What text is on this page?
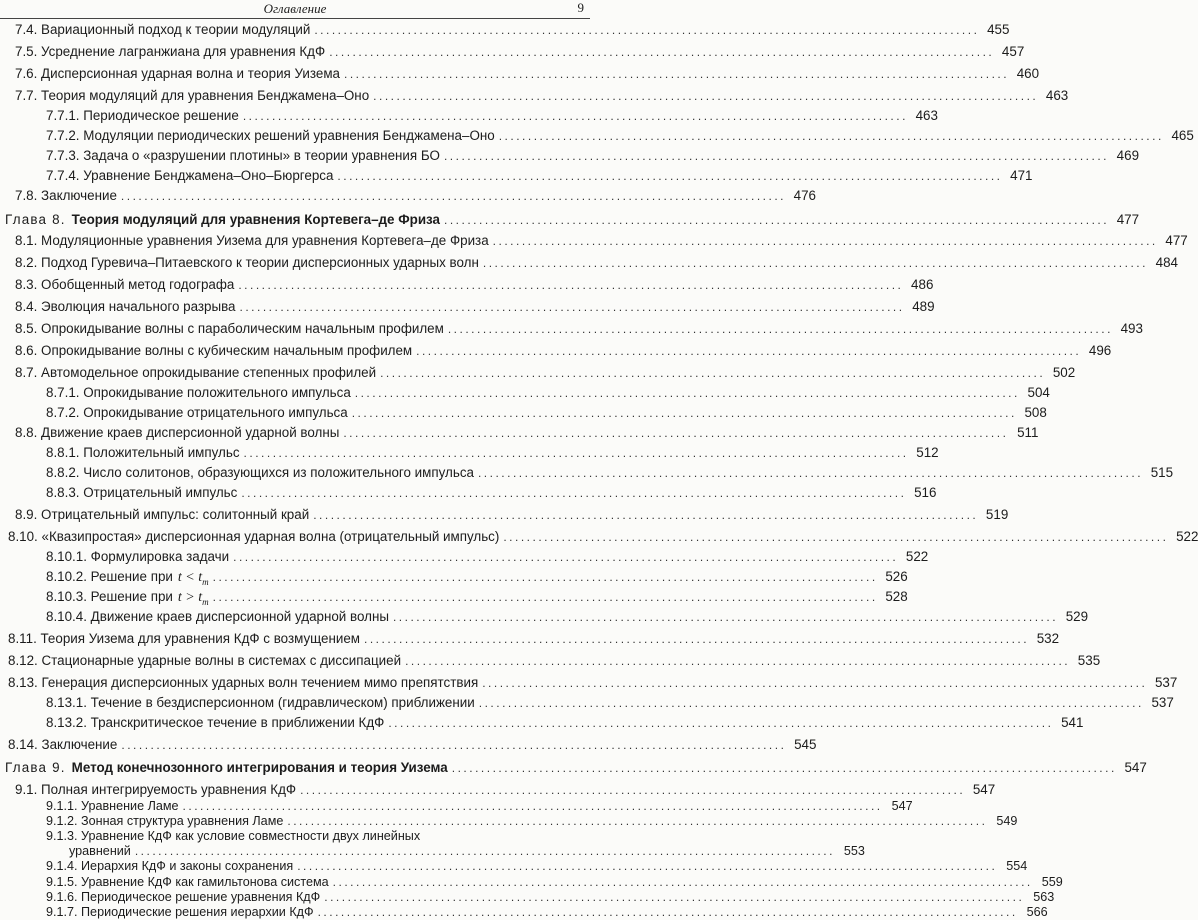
Оглавление	9
7.4. Вариационный подход к теории модуляций .................................................................................................................. 455
7.5. Усреднение лагранжиана для уравнения КдФ .................................................................................................................. 457
7.6. Дисперсионная ударная волна и теория Уизема .................................................................................................................. 460
7.7. Теория модуляций для уравнения Бенджамена–Оно .................................................................................................................. 463
7.7.1. Периодическое решение .................................................................................................................. 463
7.7.2. Модуляции периодических решений уравнения Бенджамена–Оно .................................................................................................................. 465
7.7.3. Задача о «разрушении плотины» в теории уравнения БО .................................................................................................................. 469
7.7.4. Уравнение Бенджамена–Оно–Бюргерса .................................................................................................................. 471
7.8. Заключение .................................................................................................................. 476
Глава 8. Теория модуляций для уравнения Кортевега–де Фриза .................................................................................................................. 477
8.1. Модуляционные уравнения Уизема для уравнения Кортевега–де Фриза .................................................................................................................. 477
8.2. Подход Гуревича–Питаевского к теории дисперсионных ударных волн .................................................................................................................. 484
8.3. Обобщенный метод годографа .................................................................................................................. 486
8.4. Эволюция начального разрыва .................................................................................................................. 489
8.5. Опрокидывание волны с параболическим начальным профилем .................................................................................................................. 493
8.6. Опрокидывание волны с кубическим начальным профилем .................................................................................................................. 496
8.7. Автомодельное опрокидывание степенных профилей .................................................................................................................. 502
8.7.1. Опрокидывание положительного импульса .................................................................................................................. 504
8.7.2. Опрокидывание отрицательного импульса .................................................................................................................. 508
8.8. Движение краев дисперсионной ударной волны .................................................................................................................. 511
8.8.1. Положительный импульс .................................................................................................................. 512
8.8.2. Число солитонов, образующихся из положительного импульса .................................................................................................................. 515
8.8.3. Отрицательный импульс .................................................................................................................. 516
8.9. Отрицательный импульс: солитонный край .................................................................................................................. 519
8.10. «Квазипростая» дисперсионная ударная волна (отрицательный импульс) .................................................................................................................. 522
8.10.1. Формулировка задачи .................................................................................................................. 522
8.10.2. Решение при $t < t_m$ .................................................................................................................. 526
8.10.3. Решение при $t > t_m$ .................................................................................................................. 528
8.10.4. Движение краев дисперсионной ударной волны .................................................................................................................. 529
8.11. Теория Уизема для уравнения КдФ с возмущением .................................................................................................................. 532
8.12. Стационарные ударные волны в системах с диссипацией .................................................................................................................. 535
8.13. Генерация дисперсионных ударных волн течением мимо препятствия .................................................................................................................. 537
8.13.1. Течение в бездисперсионном (гидравлическом) приближении .................................................................................................................. 537
8.13.2. Транскритическое течение в приближении КдФ .................................................................................................................. 541
8.14. Заключение .................................................................................................................. 545
Глава 9. Метод конечнозонного интегрирования и теория Уизема .................................................................................................................. 547
9.1. Полная интегрируемость уравнения КдФ .................................................................................................................. 547
9.1.1. Уравнение Ламе ........................................................................................................................ 547
9.1.2. Зонная структура уравнения Ламе ........................................................................................................................ 549
9.1.3. Уравнение КдФ как условие совместности двух линейных
уравнений ........................................................................................................................ 553
9.1.4. Иерархия КдФ и законы сохранения ........................................................................................................................ 554
9.1.5. Уравнение КдФ как гамильтонова система ........................................................................................................................ 559
9.1.6. Периодическое решение уравнения КдФ ........................................................................................................................ 563
9.1.7. Периодические решения иерархии КдФ ........................................................................................................................ 566
